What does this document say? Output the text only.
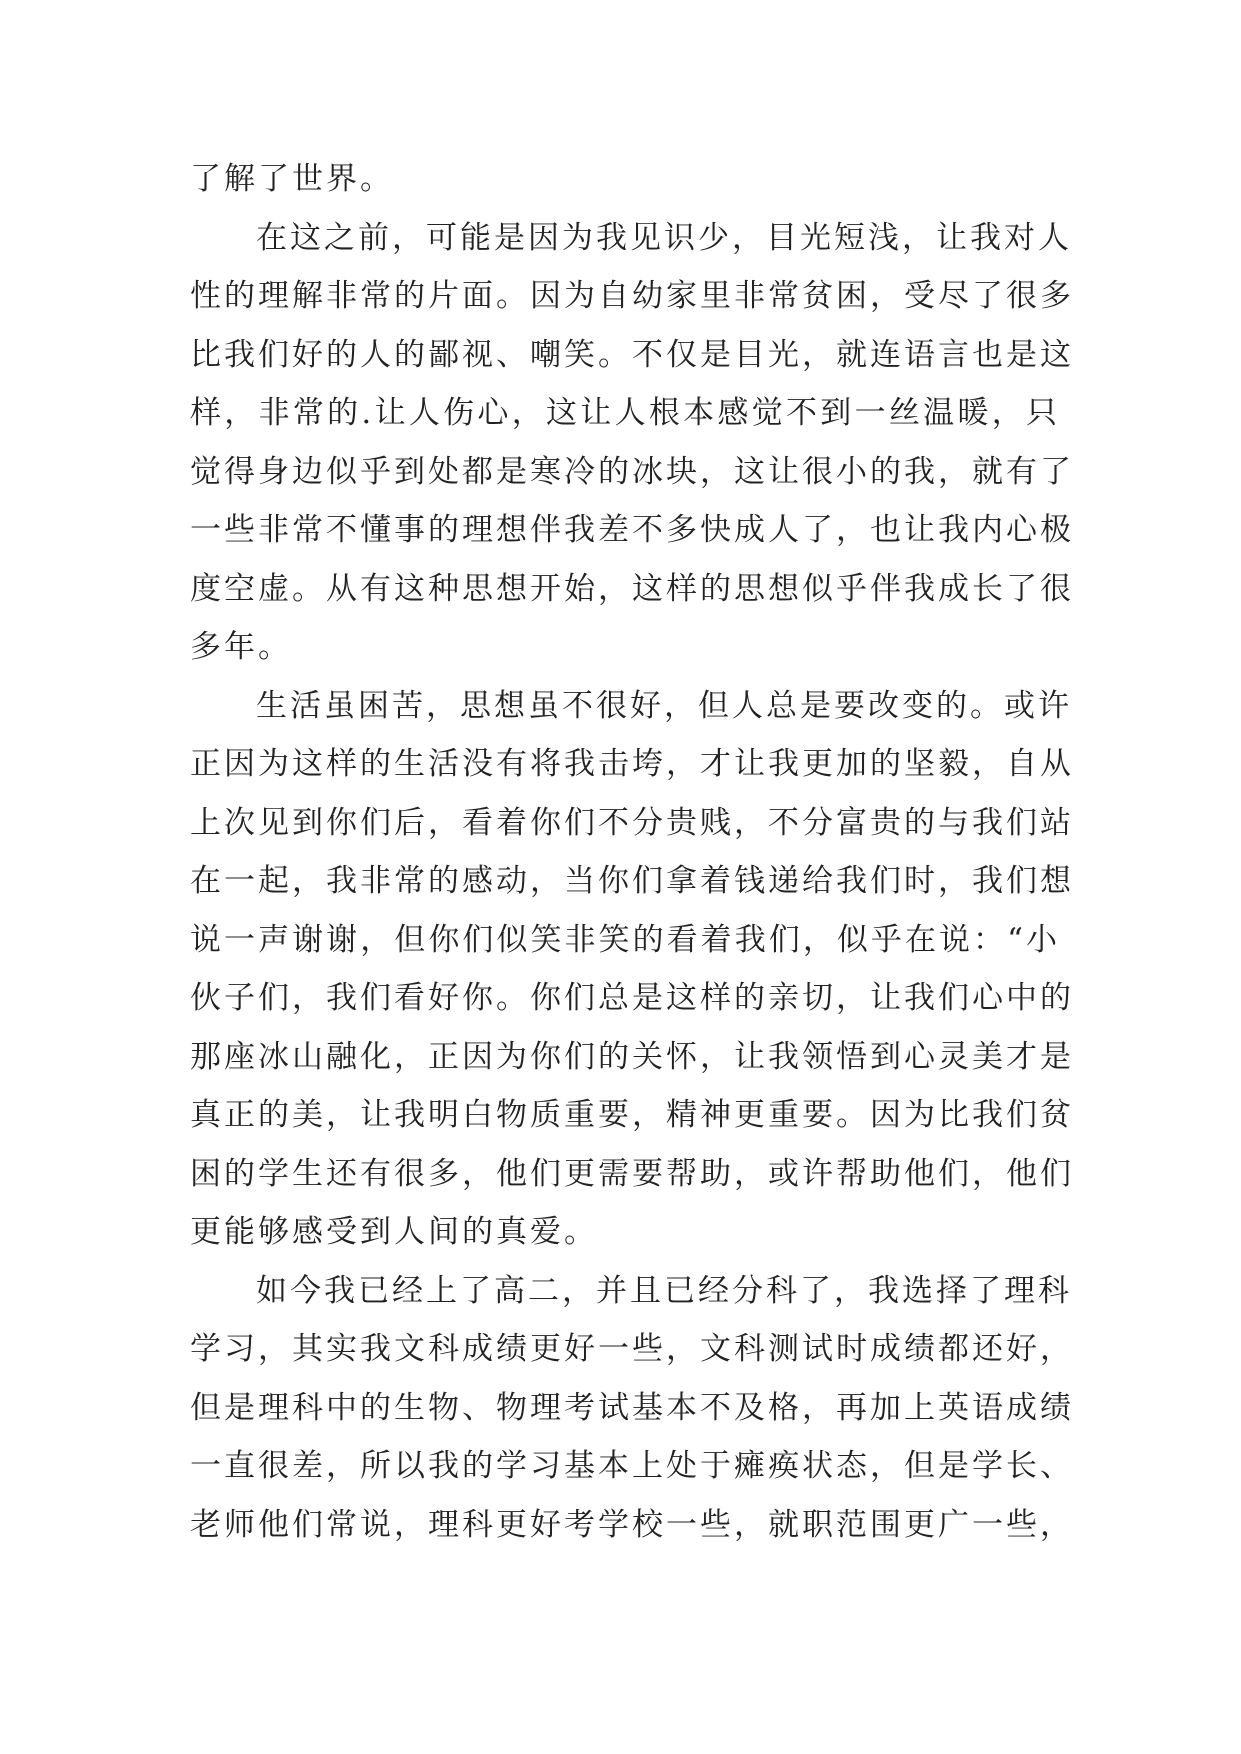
了解了世界。
在这之前，可能是因为我见识少，目光短浅，让我对人
性的理解非常的片面。因为自幼家里非常贫困，受尽了很多
比我们好的人的鄙视、嘲笑。不仅是目光，就连语言也是这
样，非常的.让人伤心，这让人根本感觉不到一丝温暖，只
觉得身边似乎到处都是寒冷的冰块，这让很小的我，就有了
一些非常不懂事的理想伴我差不多快成人了，也让我内心极
度空虚。从有这种思想开始，这样的思想似乎伴我成长了很
多年。
生活虽困苦，思想虽不很好，但人总是要改变的。或许
正因为这样的生活没有将我击垮，才让我更加的坚毅，自从
上次见到你们后，看着你们不分贵贱，不分富贵的与我们站
在一起，我非常的感动，当你们拿着钱递给我们时，我们想
说一声谢谢，但你们似笑非笑的看着我们，似乎在说：“小
伙子们，我们看好你。你们总是这样的亲切，让我们心中的
那座冰山融化，正因为你们的关怀，让我领悟到心灵美才是
真正的美，让我明白物质重要，精神更重要。因为比我们贫
困的学生还有很多，他们更需要帮助，或许帮助他们，他们
更能够感受到人间的真爱。
如今我已经上了高二，并且已经分科了，我选择了理科
学习，其实我文科成绩更好一些，文科测试时成绩都还好，
但是理科中的生物、物理考试基本不及格，再加上英语成绩
一直很差，所以我的学习基本上处于瘫痪状态，但是学长、
老师他们常说，理科更好考学校一些，就职范围更广一些，
